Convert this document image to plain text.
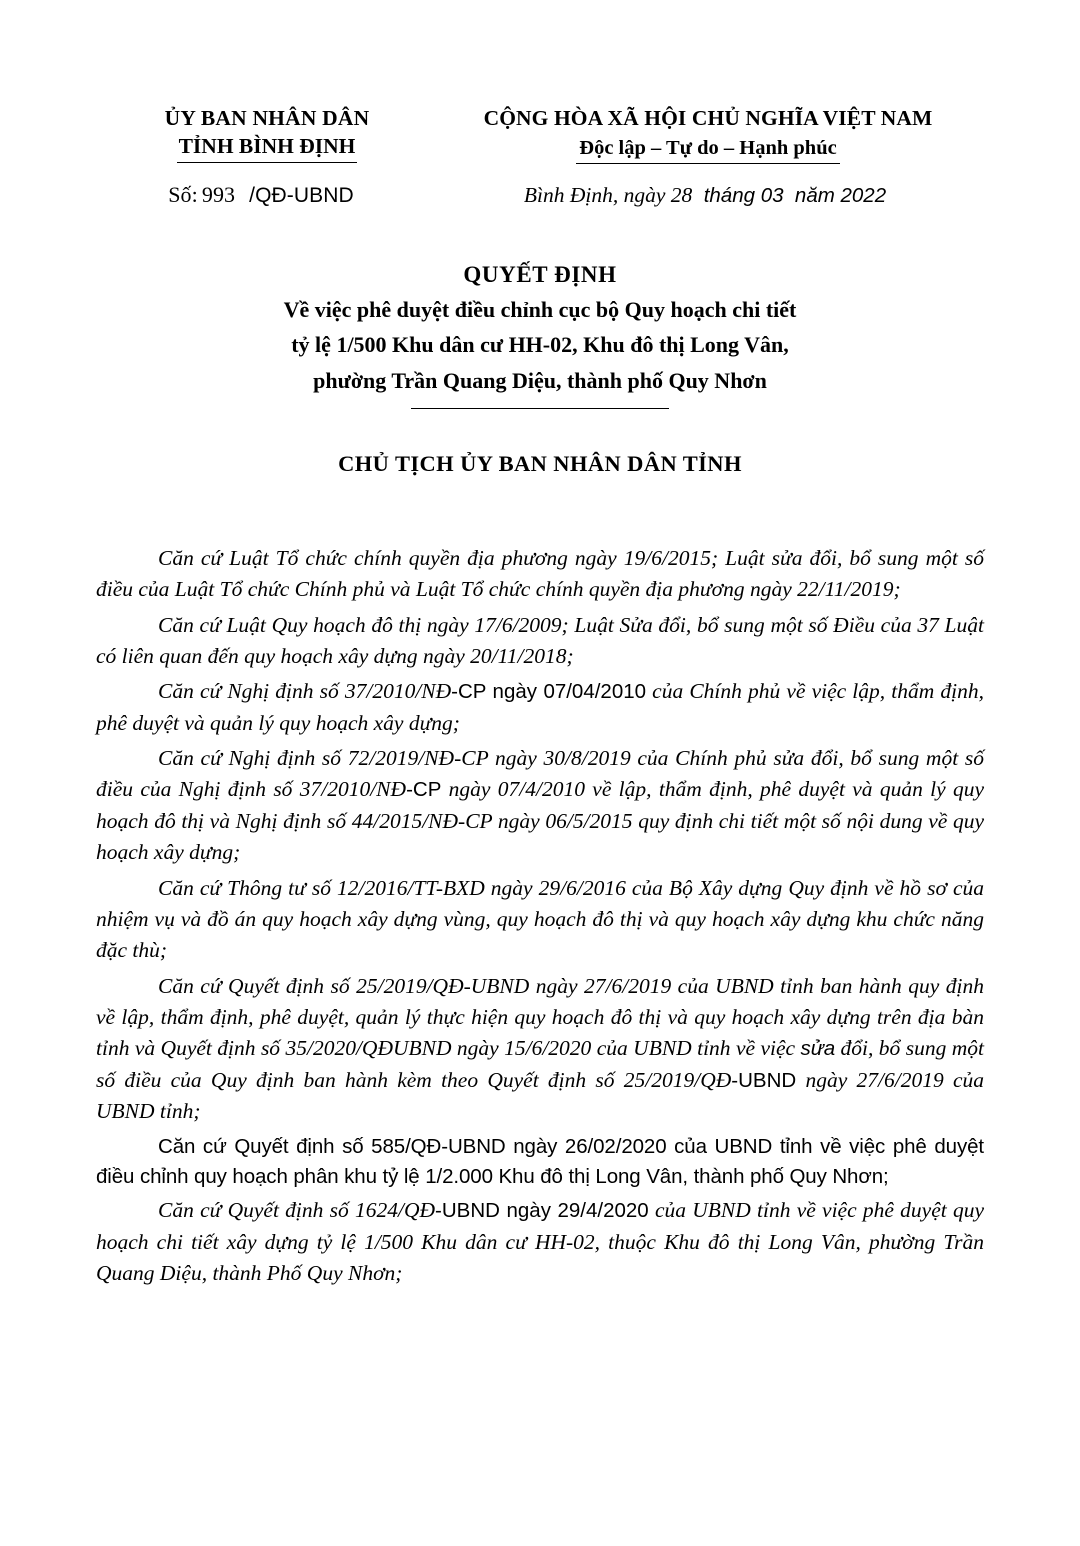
ỦY BAN NHÂN DÂN
TỈNH BÌNH ĐỊNH
CỘNG HÒA XÃ HỘI CHỦ NGHĨA VIỆT NAM
Độc lập – Tự do – Hạnh phúc
Số: 993 /QĐ-UBND	Bình Định, ngày 28 tháng 03 năm 2022
QUYẾT ĐỊNH
Về việc phê duyệt điều chỉnh cục bộ Quy hoạch chi tiết
tỷ lệ 1/500 Khu dân cư HH-02, Khu đô thị Long Vân,
phường Trần Quang Diệu, thành phố Quy Nhơn
CHỦ TỊCH ỦY BAN NHÂN DÂN TỈNH

Căn cứ Luật Tổ chức chính quyền địa phương ngày 19/6/2015; Luật sửa đổi, bổ sung một số điều của Luật Tổ chức Chính phủ và Luật Tổ chức chính quyền địa phương ngày 22/11/2019;

Căn cứ Luật Quy hoạch đô thị ngày 17/6/2009; Luật Sửa đổi, bổ sung một số Điều của 37 Luật có liên quan đến quy hoạch xây dựng ngày 20/11/2018;

Căn cứ Nghị định số 37/2010/NĐ-CP ngày 07/04/2010 của Chính phủ về việc lập, thẩm định, phê duyệt và quản lý quy hoạch xây dựng;

Căn cứ Nghị định số 72/2019/NĐ-CP ngày 30/8/2019 của Chính phủ sửa đổi, bổ sung một số điều của Nghị định số 37/2010/NĐ-CP ngày 07/4/2010 về lập, thẩm định, phê duyệt và quản lý quy hoạch đô thị và Nghị định số 44/2015/NĐ-CP ngày 06/5/2015 quy định chi tiết một số nội dung về quy hoạch xây dựng;

Căn cứ Thông tư số 12/2016/TT-BXD ngày 29/6/2016 của Bộ Xây dựng Quy định về hồ sơ của nhiệm vụ và đồ án quy hoạch xây dựng vùng, quy hoạch đô thị và quy hoạch xây dựng khu chức năng đặc thù;

Căn cứ Quyết định số 25/2019/QĐ-UBND ngày 27/6/2019 của UBND tỉnh ban hành quy định về lập, thẩm định, phê duyệt, quản lý thực hiện quy hoạch đô thị và quy hoạch xây dựng trên địa bàn tỉnh và Quyết định số 35/2020/QĐUBND ngày 15/6/2020 của UBND tỉnh về việc sửa đổi, bổ sung một số điều của Quy định ban hành kèm theo Quyết định số 25/2019/QĐ-UBND ngày 27/6/2019 của UBND tỉnh;

Căn cứ Quyết định số 585/QĐ-UBND ngày 26/02/2020 của UBND tỉnh về việc phê duyệt điều chỉnh quy hoạch phân khu tỷ lệ 1/2.000 Khu đô thị Long Vân, thành phố Quy Nhơn;

Căn cứ Quyết định số 1624/QĐ-UBND ngày 29/4/2020 của UBND tỉnh về việc phê duyệt quy hoạch chi tiết xây dựng tỷ lệ 1/500 Khu dân cư HH-02, thuộc Khu đô thị Long Vân, phường Trần Quang Diệu, thành Phố Quy Nhơn;
